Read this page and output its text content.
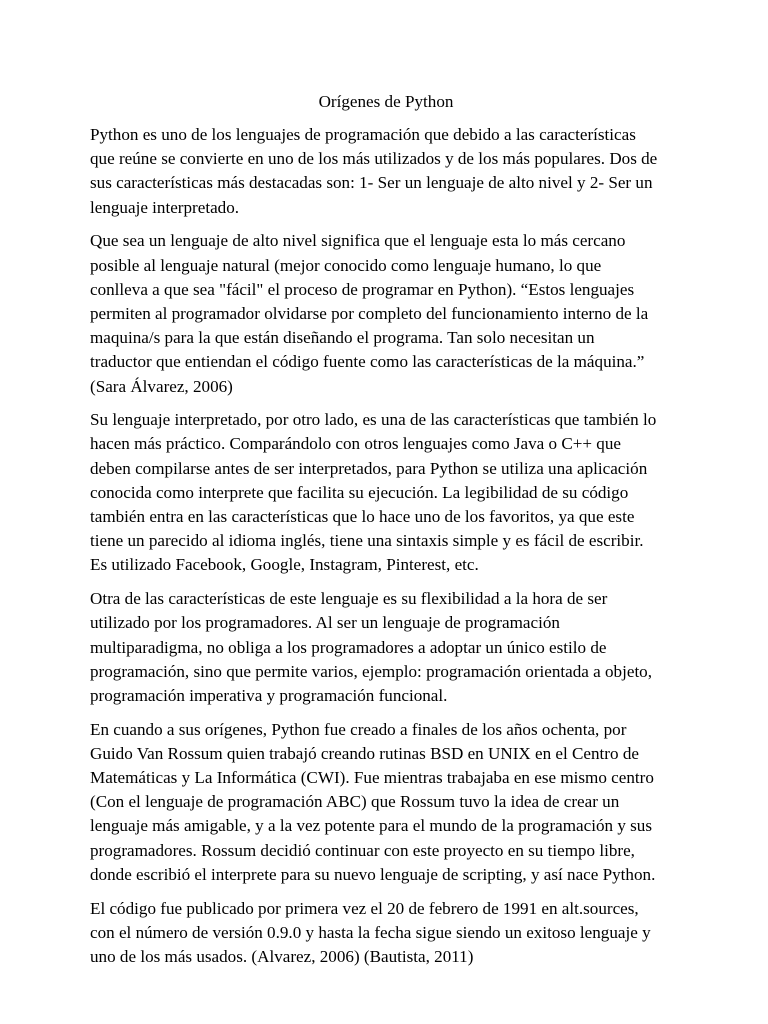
Orígenes de Python

Python es uno de los lenguajes de programación que debido a las características
que reúne se convierte en uno de los más utilizados y de los más populares. Dos de
sus características más destacadas son: 1- Ser un lenguaje de alto nivel y 2- Ser un
lenguaje interpretado.

Que sea un lenguaje de alto nivel significa que el lenguaje esta lo más cercano
posible al lenguaje natural (mejor conocido como lenguaje humano, lo que
conlleva a que sea "fácil" el proceso de programar en Python). “Estos lenguajes
permiten al programador olvidarse por completo del funcionamiento interno de la
maquina/s para la que están diseñando el programa. Tan solo necesitan un
traductor que entiendan el código fuente como las características de la máquina.”
(Sara Álvarez, 2006)

Su lenguaje interpretado, por otro lado, es una de las características que también lo
hacen más práctico. Comparándolo con otros lenguajes como Java o C++ que
deben compilarse antes de ser interpretados, para Python se utiliza una aplicación
conocida como interprete que facilita su ejecución. La legibilidad de su código
también entra en las características que lo hace uno de los favoritos, ya que este
tiene un parecido al idioma inglés, tiene una sintaxis simple y es fácil de escribir.
Es utilizado Facebook, Google, Instagram, Pinterest, etc.

Otra de las características de este lenguaje es su flexibilidad a la hora de ser
utilizado por los programadores. Al ser un lenguaje de programación
multiparadigma, no obliga a los programadores a adoptar un único estilo de
programación, sino que permite varios, ejemplo: programación orientada a objeto,
programación imperativa y programación funcional.

En cuando a sus orígenes, Python fue creado a finales de los años ochenta, por
Guido Van Rossum quien trabajó creando rutinas BSD en UNIX en el Centro de
Matemáticas y La Informática (CWI). Fue mientras trabajaba en ese mismo centro
(Con el lenguaje de programación ABC) que Rossum tuvo la idea de crear un
lenguaje más amigable, y a la vez potente para el mundo de la programación y sus
programadores. Rossum decidió continuar con este proyecto en su tiempo libre,
donde escribió el interprete para su nuevo lenguaje de scripting, y así nace Python.

El código fue publicado por primera vez el 20 de febrero de 1991 en alt.sources,
con el número de versión 0.9.0 y hasta la fecha sigue siendo un exitoso lenguaje y
uno de los más usados. (Alvarez, 2006) (Bautista, 2011)
